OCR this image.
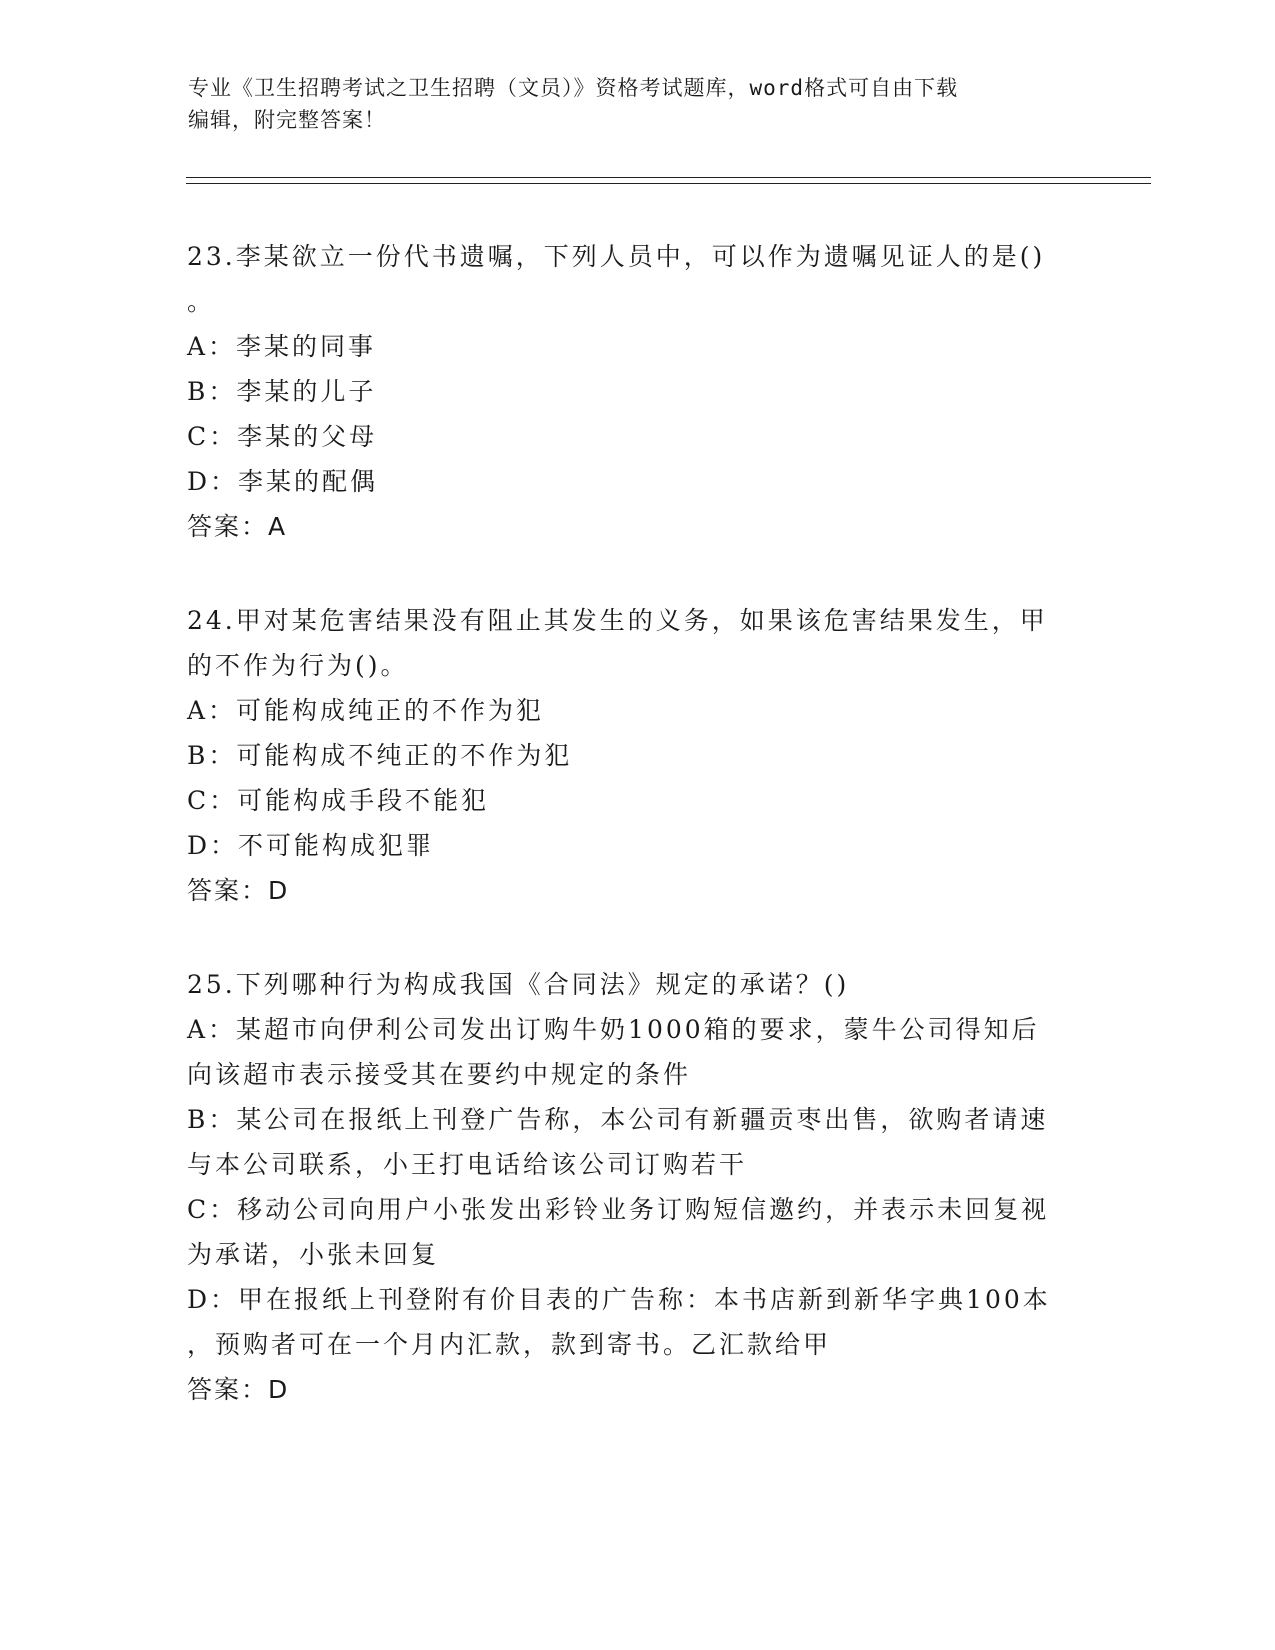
专业《卫生招聘考试之卫生招聘（文员）》资格考试题库，word格式可自由下载
编辑，附完整答案！
23.李某欲立一份代书遗嘱，下列人员中，可以作为遗嘱见证人的是()
。
A：李某的同事
B：李某的儿子
C：李某的父母
D：李某的配偶
答案：A
24.甲对某危害结果没有阻止其发生的义务，如果该危害结果发生，甲
的不作为行为()。
A：可能构成纯正的不作为犯
B：可能构成不纯正的不作为犯
C：可能构成手段不能犯
D：不可能构成犯罪
答案：D
25.下列哪种行为构成我国《合同法》规定的承诺？()
A：某超市向伊利公司发出订购牛奶1000箱的要求，蒙牛公司得知后
向该超市表示接受其在要约中规定的条件
B：某公司在报纸上刊登广告称，本公司有新疆贡枣出售，欲购者请速
与本公司联系，小王打电话给该公司订购若干
C：移动公司向用户小张发出彩铃业务订购短信邀约，并表示未回复视
为承诺，小张未回复
D：甲在报纸上刊登附有价目表的广告称：本书店新到新华字典100本
，预购者可在一个月内汇款，款到寄书。乙汇款给甲
答案：D
